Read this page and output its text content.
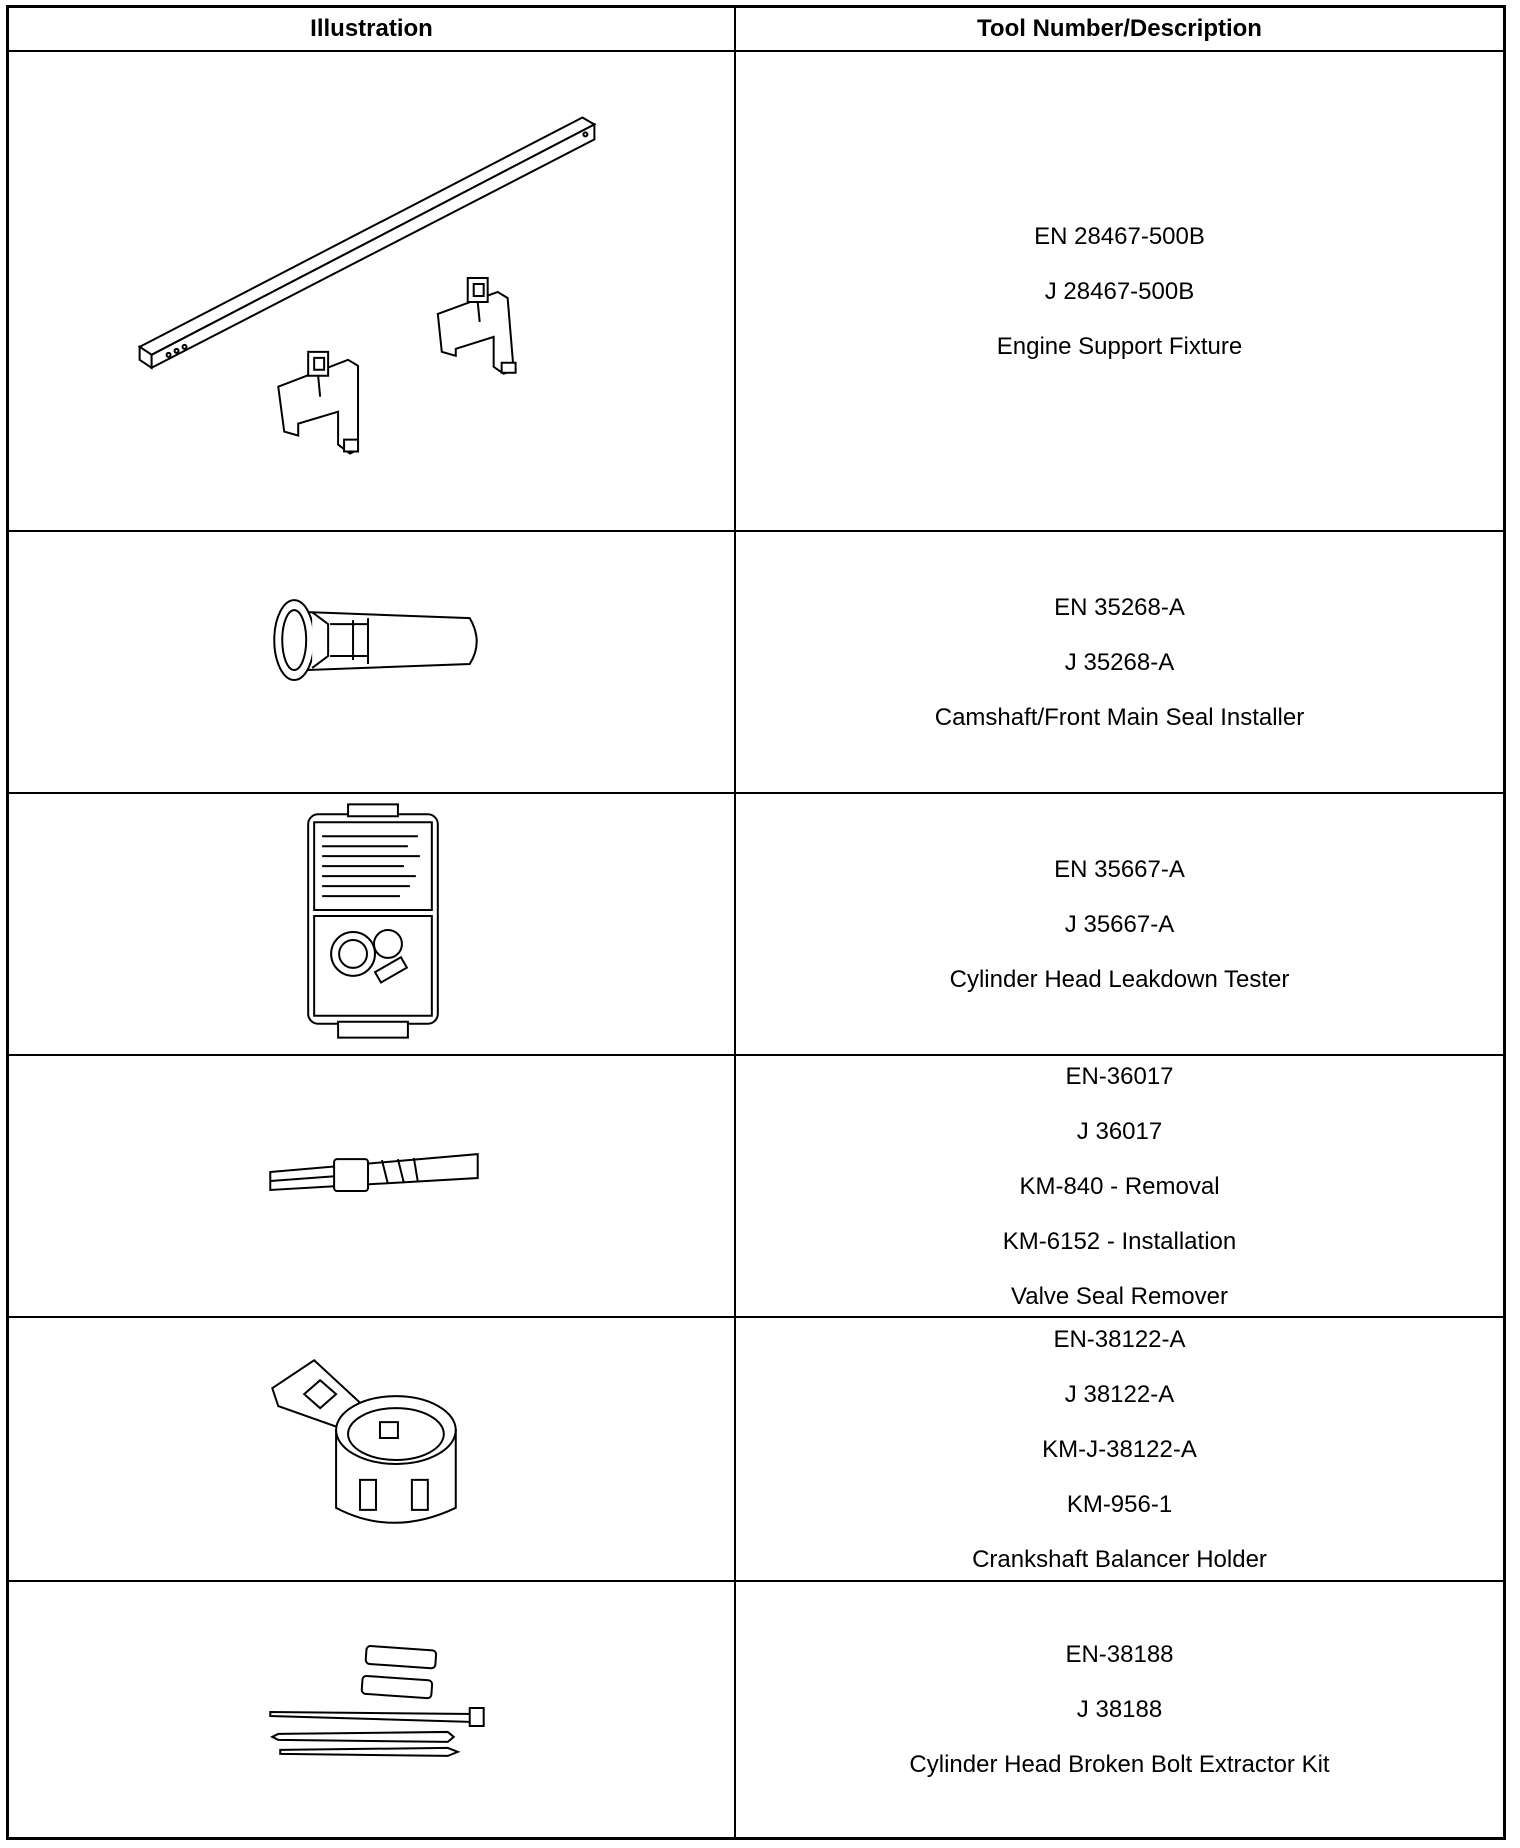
Illustration	Tool Number/Description
EN 28467-500B
J 28467-500B
Engine Support Fixture
EN 35268-A
J 35268-A
Camshaft/Front Main Seal Installer
EN 35667-A
J 35667-A
Cylinder Head Leakdown Tester
EN-36017
J 36017
KM-840 - Removal
KM-6152 - Installation
Valve Seal Remover
EN-38122-A
J 38122-A
KM-J-38122-A
KM-956-1
Crankshaft Balancer Holder
EN-38188
J 38188
Cylinder Head Broken Bolt Extractor Kit
